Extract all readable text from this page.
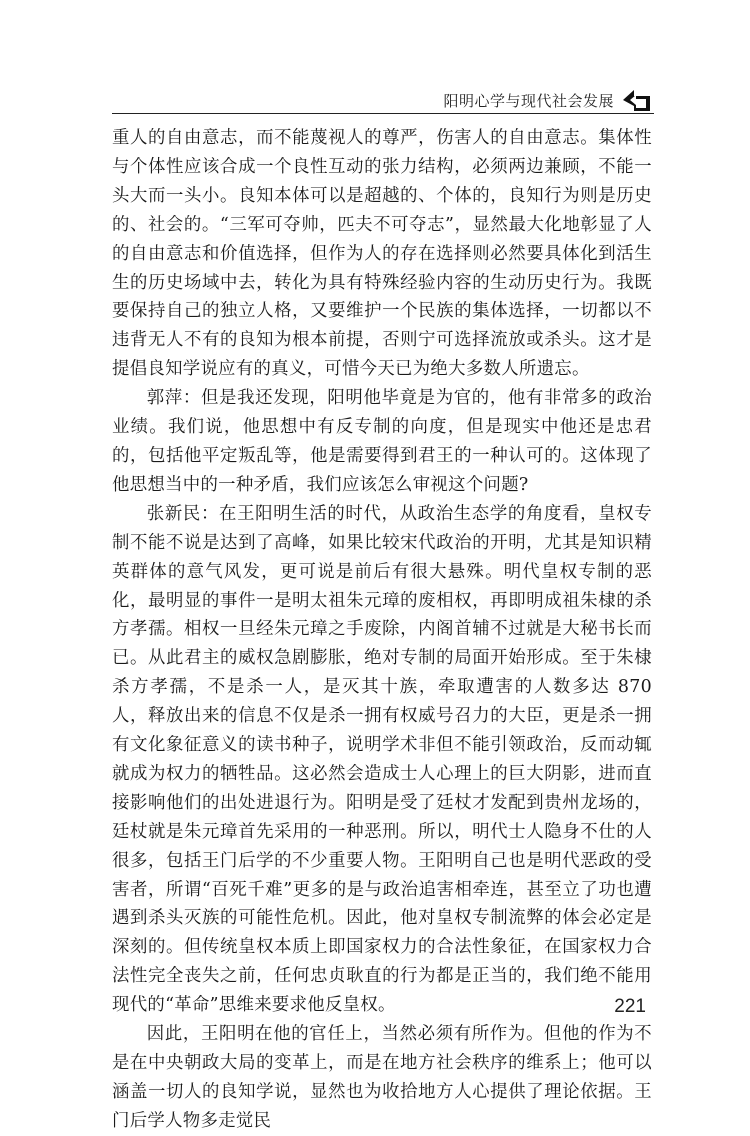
阳明心学与现代社会发展

重人的自由意志，而不能蔑视人的尊严，伤害人的自由意志。集体性与个体性应该合成一个良性互动的张力结构，必须两边兼顾，不能一头大而一头小。良知本体可以是超越的、个体的，良知行为则是历史的、社会的。“三军可夺帅，匹夫不可夺志”，显然最大化地彰显了人的自由意志和价值选择，但作为人的存在选择则必然要具体化到活生生的历史场域中去，转化为具有特殊经验内容的生动历史行为。我既要保持自己的独立人格，又要维护一个民族的集体选择，一切都以不违背无人不有的良知为根本前提，否则宁可选择流放或杀头。这才是提倡良知学说应有的真义，可惜今天已为绝大多数人所遗忘。

郭萍：但是我还发现，阳明他毕竟是为官的，他有非常多的政治业绩。我们说，他思想中有反专制的向度，但是现实中他还是忠君的，包括他平定叛乱等，他是需要得到君王的一种认可的。这体现了他思想当中的一种矛盾，我们应该怎么审视这个问题?

张新民：在王阳明生活的时代，从政治生态学的角度看，皇权专制不能不说是达到了高峰，如果比较宋代政治的开明，尤其是知识精英群体的意气风发，更可说是前后有很大悬殊。明代皇权专制的恶化，最明显的事件一是明太祖朱元璋的废相权，再即明成祖朱棣的杀方孝孺。相权一旦经朱元璋之手废除，内阁首辅不过就是大秘书长而已。从此君主的威权急剧膨胀，绝对专制的局面开始形成。至于朱棣杀方孝孺，不是杀一人，是灭其十族，牵取遭害的人数多达 870 人，释放出来的信息不仅是杀一拥有权威号召力的大臣，更是杀一拥有文化象征意义的读书种子，说明学术非但不能引领政治，反而动辄就成为权力的牺牲品。这必然会造成士人心理上的巨大阴影，进而直接影响他们的出处进退行为。阳明是受了廷杖才发配到贵州龙场的，廷杖就是朱元璋首先采用的一种恶刑。所以，明代士人隐身不仕的人很多，包括王门后学的不少重要人物。王阳明自己也是明代恶政的受害者，所谓“百死千难”更多的是与政治追害相牵连，甚至立了功也遭遇到杀头灭族的可能性危机。因此，他对皇权专制流弊的体会必定是深刻的。但传统皇权本质上即国家权力的合法性象征，在国家权力合法性完全丧失之前，任何忠贞耿直的行为都是正当的，我们绝不能用现代的“革命”思维来要求他反皇权。

因此，王阳明在他的官任上，当然必须有所作为。但他的作为不是在中央朝政大局的变革上，而是在地方社会秩序的维系上；他可以涵盖一切人的良知学说，显然也为收拾地方人心提供了理论依据。王门后学人物多走觉民

221
